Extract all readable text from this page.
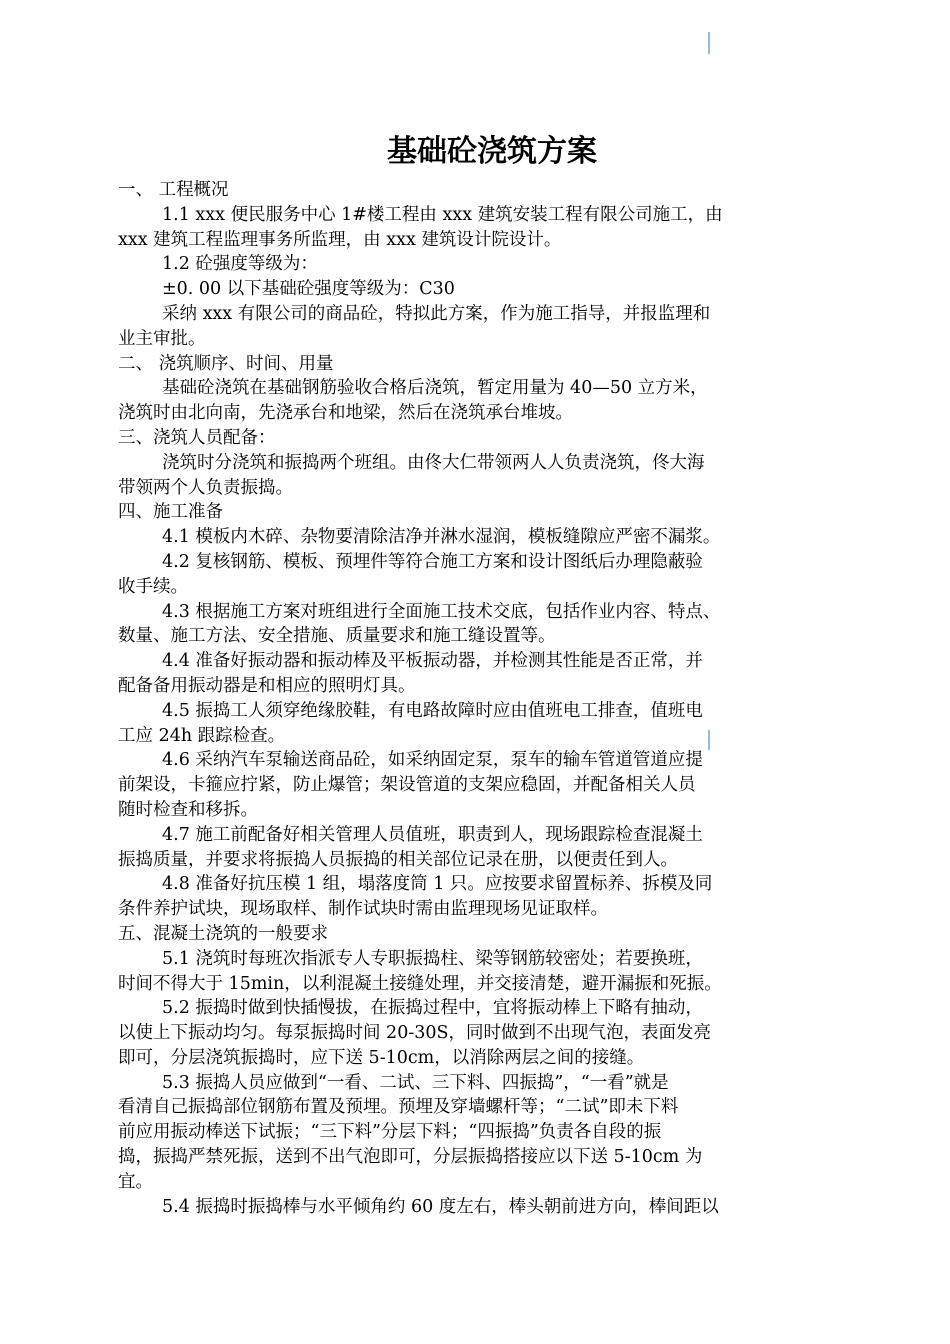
基础砼浇筑方案
一、 工程概况
1.1 xxx 便民服务中心 1#楼工程由 xxx 建筑安装工程有限公司施工，由
xxx 建筑工程监理事务所监理，由 xxx 建筑设计院设计。
1.2 砼强度等级为：
±0. 00 以下基础砼强度等级为：C30
采纳 xxx 有限公司的商品砼，特拟此方案，作为施工指导，并报监理和
业主审批。
二、 浇筑顺序、时间、用量
基础砼浇筑在基础钢筋验收合格后浇筑，暂定用量为 40—50 立方米，
浇筑时由北向南，先浇承台和地梁，然后在浇筑承台堆坡。
三、浇筑人员配备：
浇筑时分浇筑和振捣两个班组。由佟大仁带领两人人负责浇筑，佟大海
带领两个人负责振捣。
四、施工准备
4.1 模板内木碎、杂物要清除洁净并淋水湿润，模板缝隙应严密不漏浆。
4.2 复核钢筋、模板、预埋件等符合施工方案和设计图纸后办理隐蔽验
收手续。
4.3 根据施工方案对班组进行全面施工技术交底，包括作业内容、特点、
数量、施工方法、安全措施、质量要求和施工缝设置等。
4.4 准备好振动器和振动棒及平板振动器，并检测其性能是否正常，并
配备备用振动器是和相应的照明灯具。
4.5 振捣工人须穿绝缘胶鞋，有电路故障时应由值班电工排查，值班电
工应 24h 跟踪检查。
4.6 采纳汽车泵输送商品砼，如采纳固定泵，泵车的输车管道管道应提
前架设，卡箍应拧紧，防止爆管；架设管道的支架应稳固，并配备相关人员
随时检查和移拆。
4.7 施工前配备好相关管理人员值班，职责到人，现场跟踪检查混凝土
振捣质量，并要求将振捣人员振捣的相关部位记录在册，以便责任到人。
4.8 准备好抗压模 1 组，塌落度筒 1 只。应按要求留置标养、拆模及同
条件养护试块，现场取样、制作试块时需由监理现场见证取样。
五、混凝土浇筑的一般要求
5.1 浇筑时每班次指派专人专职振捣柱、梁等钢筋较密处；若要换班，
时间不得大于 15min，以利混凝土接缝处理，并交接清楚，避开漏振和死振。
5.2 振捣时做到快插慢拔，在振捣过程中，宜将振动棒上下略有抽动，
以使上下振动均匀。每泵振捣时间 20-30S，同时做到不出现气泡，表面发亮
即可，分层浇筑振捣时，应下送 5-10cm，以消除两层之间的接缝。
5.3 振捣人员应做到“一看、二试、三下料、四振捣”，“一看”就是
看清自己振捣部位钢筋布置及预埋。预埋及穿墙螺杆等；“二试”即未下料
前应用振动棒送下试振；“三下料”分层下料；“四振捣”负责各自段的振
捣，振捣严禁死振，送到不出气泡即可，分层振捣搭接应以下送 5-10cm 为
宜。
5.4 振捣时振捣棒与水平倾角约 60 度左右，棒头朝前进方向，棒间距以
